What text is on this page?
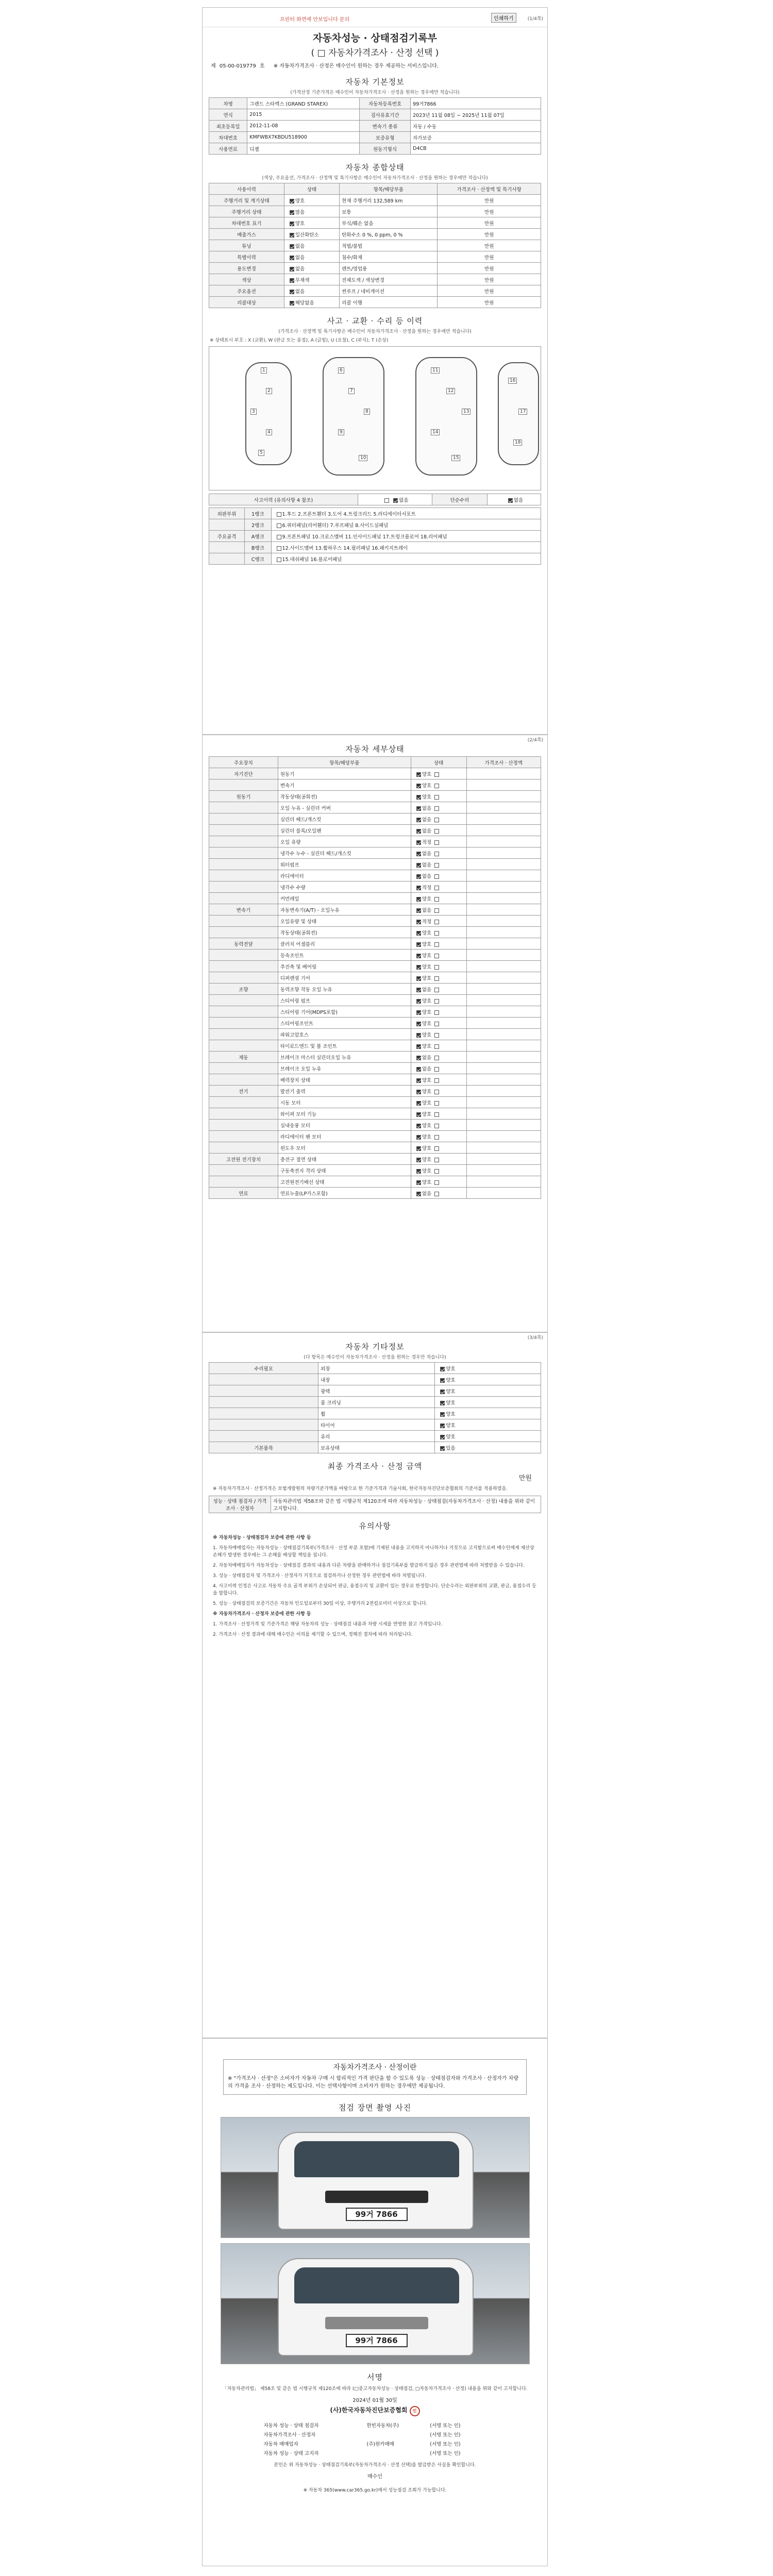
프린터 화면에 안보입니다 문의	인쇄하기	(1/4쪽)
자동차성능 · 상태점검기록부
( □ 자동차가격조사 · 산정 선택 )
제 05-00-019779 호 ※ 자동차가격조사 · 산정은 매수인이 원하는 경우 제공하는 서비스입니다.
자동차 기본정보
(가격산정 기준가격은 매수인이 자동차가격조사 · 산정을 원하는 경우에만 적습니다)
차명	그랜드 스타렉스 (GRAND STAREX)	자동차등록번호	99거7866
연식	2015	검사유효기간	2023년 11월 08일 ~ 2025년 11월 07일
최초등록일	2012-11-08	변속기 종류	자동 / 수동
차대번호	KMFWBX7KBDU518900	보증유형	자가보증
사용연료	디젤	원동기형식	D4CB
자동차 종합상태
(색상, 주요옵션, 가격조사 · 산정액 및 특기사항은 매수인이 자동차가격조사 · 산정을 원하는 경우에만 적습니다)
사용이력	상태	항목/해당부품	가격조사 · 산정액 및 특기사항
주행거리 및 계기상태	양호	현재 주행거리 132,589 km	만원
주행거리 상태	많음	보통	만원
차대번호 표기	양호	부식/훼손 없음	만원
배출가스	일산화탄소	탄화수소 0 %, 0 ppm, 0 %	만원
튜닝	없음	적법/불법	만원
특별이력	없음	침수/화재	만원
용도변경	없음	렌트/영업용	만원
색상	무채색	전체도색 / 색상변경	만원
주요옵션	없음	썬루프 / 네비게이션	만원
리콜대상	해당없음	리콜 이행	만원
사고 · 교환 · 수리 등 이력
(가격조사 · 산정액 및 특기사항은 매수인이 자동차가격조사 · 산정을 원하는 경우에만 적습니다)
※ 상태표시 부호 : X (교환), W (판금 또는 용접), A (긁힘), U (요철), C (부식), T (손상)
1
2
3
4
5
6
7
8
9
10
11
12
13
14
15
16
17
18
사고이력 (유의사항 4 참조)	없음	단순수리	없음
외판부위	1랭크	1.후드 2.프론트휀더 3.도어 4.트렁크리드 5.라디에이터서포트
	2랭크	6.쿼터패널(리어휀더) 7.루프패널 8.사이드실패널
주요골격	A랭크	9.프론트패널 10.크로스멤버 11.인사이드패널 17.트렁크플로어 18.리어패널
	B랭크	12.사이드멤버 13.휠하우스 14.필러패널 16.패키지트레이
	C랭크	15.대쉬패널 16.플로어패널
(2/4쪽)
자동차 세부상태
주요장치	항목/해당부품	상태	가격조사 · 산정액
자기진단	원동기	양호	
	변속기	양호	
원동기	작동상태(공회전)	양호	
	오일 누유 - 실린더 커버	없음	
	실린더 헤드/개스킷	없음	
	실린더 블록/오일팬	없음	
	오일 유량	적정	
	냉각수 누수 - 실린더 헤드/개스킷	없음	
	워터펌프	없음	
	라디에이터	없음	
	냉각수 수량	적정	
	커먼레일	양호	
변속기	자동변속기(A/T) - 오일누유	없음	
	오일유량 및 상태	적정	
	작동상태(공회전)	양호	
동력전달	클러치 어셈블리	양호	
	등속조인트	양호	
	추진축 및 베어링	양호	
	디퍼렌셜 기어	양호	
조향	동력조향 작동 오일 누유	없음	
	스티어링 펌프	양호	
	스티어링 기어(MDPS포함)	양호	
	스티어링조인트	양호	
	파워고압호스	양호	
	타이로드엔드 및 볼 조인트	양호	
제동	브레이크 마스터 실린더오일 누유	없음	
	브레이크 오일 누유	없음	
	배력장치 상태	양호	
전기	발전기 출력	양호	
	시동 모터	양호	
	와이퍼 모터 기능	양호	
	실내송풍 모터	양호	
	라디에이터 팬 모터	양호	
	윈도우 모터	양호	
고전원 전기장치	충전구 절연 상태	양호	
	구동축전지 격리 상태	양호	
	고전원전기배선 상태	양호	
연료	연료누출(LP가스포함)	없음	
(3/4쪽)
자동차 기타정보
(다 항목은 매수인이 자동차가격조사 · 산정을 원하는 경우만 적습니다)
수리필요	외장	양호
	내장	양호
	광택	양호
	룸 크리닝	양호
	휠	양호
	타이어	양호
	유리	양호
기본품목	보유상태	있음
최종 가격조사 · 산정 금액
만원
※ 자동차가격조사 · 산정가격은 보험개발원의 차량기준가액을 바탕으로 한 기준가격과 기술사회, 한국자동차진단보증협회의 기준서를 적용하였음.
성능 · 상태 점검자 / 가격조사 · 산정자	자동차관리법 제58조와 같은 법 시행규칙 제120조에 따라 자동차성능 · 상태점검(자동차가격조사 · 산정) 내용을 위와 같이 고지합니다.
유의사항
※ 자동차성능 · 상태점검자 보증에 관한 사항 등
1. 자동차매매업자는 자동차성능 · 상태점검기록부(가격조사 · 산정 부분 포함)에 기재된 내용을 고지하지 아니하거나 거짓으로 고지함으로써 매수인에게 재산상 손해가 발생한 경우에는 그 손해를 배상할 책임을 집니다.
2. 자동차매매업자가 자동차성능 · 상태점검 결과의 내용과 다른 차량을 판매하거나 점검기록부를 발급하지 않은 경우 관련법에 따라 처벌받을 수 있습니다.
3. 성능 · 상태점검자 및 가격조사 · 산정자가 거짓으로 점검하거나 산정한 경우 관련법에 따라 처벌됩니다.
4. 사고이력 인정은 사고로 자동차 주요 골격 부위가 손상되어 판금, 용접수리 및 교환이 있는 경우로 한정합니다. 단순수리는 외판부위의 교환, 판금, 용접수리 등을 말합니다.
5. 성능 · 상태점검의 보증기간은 자동차 인도일로부터 30일 이상, 주행거리 2천킬로미터 이상으로 합니다.
※ 자동차가격조사 · 산정자 보증에 관한 사항 등
1. 가격조사 · 산정가격 및 기준가격은 해당 자동차의 성능 · 상태점검 내용과 차량 시세를 반영한 참고 가격입니다.
2. 가격조사 · 산정 결과에 대해 매수인은 이의를 제기할 수 있으며, 정해진 절차에 따라 처리됩니다.
자동차가격조사 · 산정이란
※ "가격조사 · 산정"은 소비자가 자동차 구매 시 합리적인 가격 판단을 할 수 있도록 성능 · 상태점검자와 가격조사 · 산정자가 차량의 가격을 조사 · 산정하는 제도입니다. 이는 선택사항이며 소비자가 원하는 경우에만 제공됩니다.
점검 장면 촬영 사진
99거 7866
99거 7866
서명
「자동차관리법」 제58조 및 같은 법 시행규칙 제120조에 따라 (□중고자동차성능 · 상태점검, □자동차가격조사 · 산정) 내용을 위와 같이 고지합니다.
2024년 01월 30일
(사)한국자동차진단보증협회 인
자동차 성능 · 상태 점검자	한빈자동차(주)	(서명 또는 인)
자동차가격조사 · 산정자		(서명 또는 인)
자동차 매매업자	(주)원카매매	(서명 또는 인)
자동차 성능 · 상태 고지자		(서명 또는 인)
본인은 위 자동차성능 · 상태점검기록부(자동차가격조사 · 산정 선택)를 발급받은 사실을 확인합니다.
매수인
※ 자동차 365(www.car365.go.kr)에서 성능점검 조회가 가능합니다.
